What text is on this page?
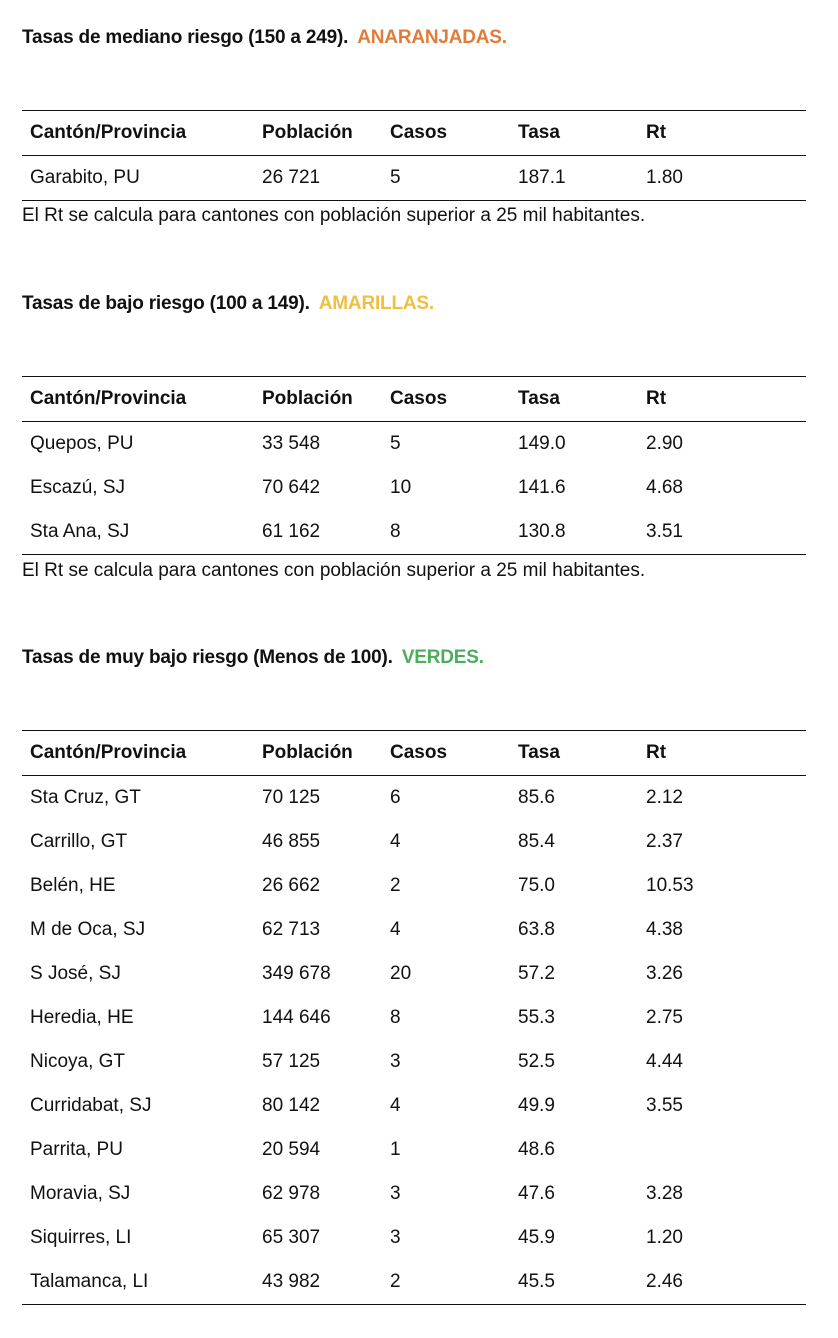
Tasas de mediano riesgo (150 a 249). ANARANJADAS.
Cantón/Provincia	Población	Casos	Tasa	Rt
Garabito, PU	26 721	5	187.1	1.80
El Rt se calcula para cantones con población superior a 25 mil habitantes.
Tasas de bajo riesgo (100 a 149). AMARILLAS.
Cantón/Provincia	Población	Casos	Tasa	Rt
Quepos, PU	33 548	5	149.0	2.90
Escazú, SJ	70 642	10	141.6	4.68
Sta Ana, SJ	61 162	8	130.8	3.51
El Rt se calcula para cantones con población superior a 25 mil habitantes.
Tasas de muy bajo riesgo (Menos de 100). VERDES.
Cantón/Provincia	Población	Casos	Tasa	Rt
Sta Cruz, GT	70 125	6	85.6	2.12
Carrillo, GT	46 855	4	85.4	2.37
Belén, HE	26 662	2	75.0	10.53
M de Oca, SJ	62 713	4	63.8	4.38
S José, SJ	349 678	20	57.2	3.26
Heredia, HE	144 646	8	55.3	2.75
Nicoya, GT	57 125	3	52.5	4.44
Curridabat, SJ	80 142	4	49.9	3.55
Parrita, PU	20 594	1	48.6	
Moravia, SJ	62 978	3	47.6	3.28
Siquirres, LI	65 307	3	45.9	1.20
Talamanca, LI	43 982	2	45.5	2.46
